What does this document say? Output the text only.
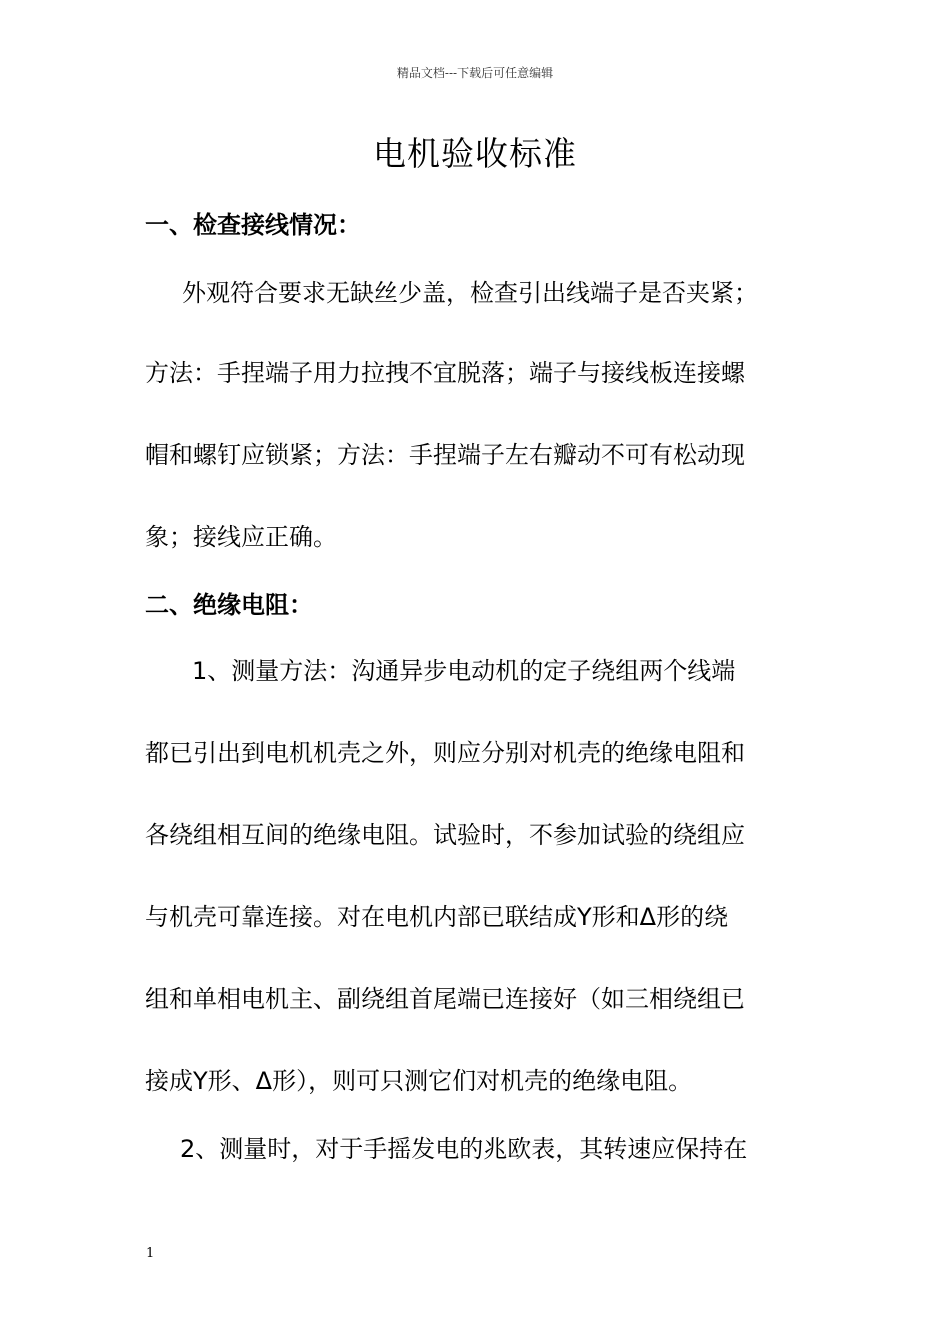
精品文档---下载后可任意编辑
电机验收标准
一、检查接线情况：
外观符合要求无缺丝少盖，检查引出线端子是否夹紧；
方法：手捏端子用力拉拽不宜脱落；端子与接线板连接螺
帽和螺钉应锁紧；方法：手捏端子左右瓣动不可有松动现
象；接线应正确。
二、绝缘电阻：
1、测量方法：沟通异步电动机的定子绕组两个线端
都已引出到电机机壳之外，则应分别对机壳的绝缘电阻和
各绕组相互间的绝缘电阻。试验时，不参加试验的绕组应
与机壳可靠连接。对在电机内部已联结成Y形和Δ形的绕
组和单相电机主、副绕组首尾端已连接好（如三相绕组已
接成Y形、Δ形），则可只测它们对机壳的绝缘电阻。
2、测量时，对于手摇发电的兆欧表，其转速应保持在
1
